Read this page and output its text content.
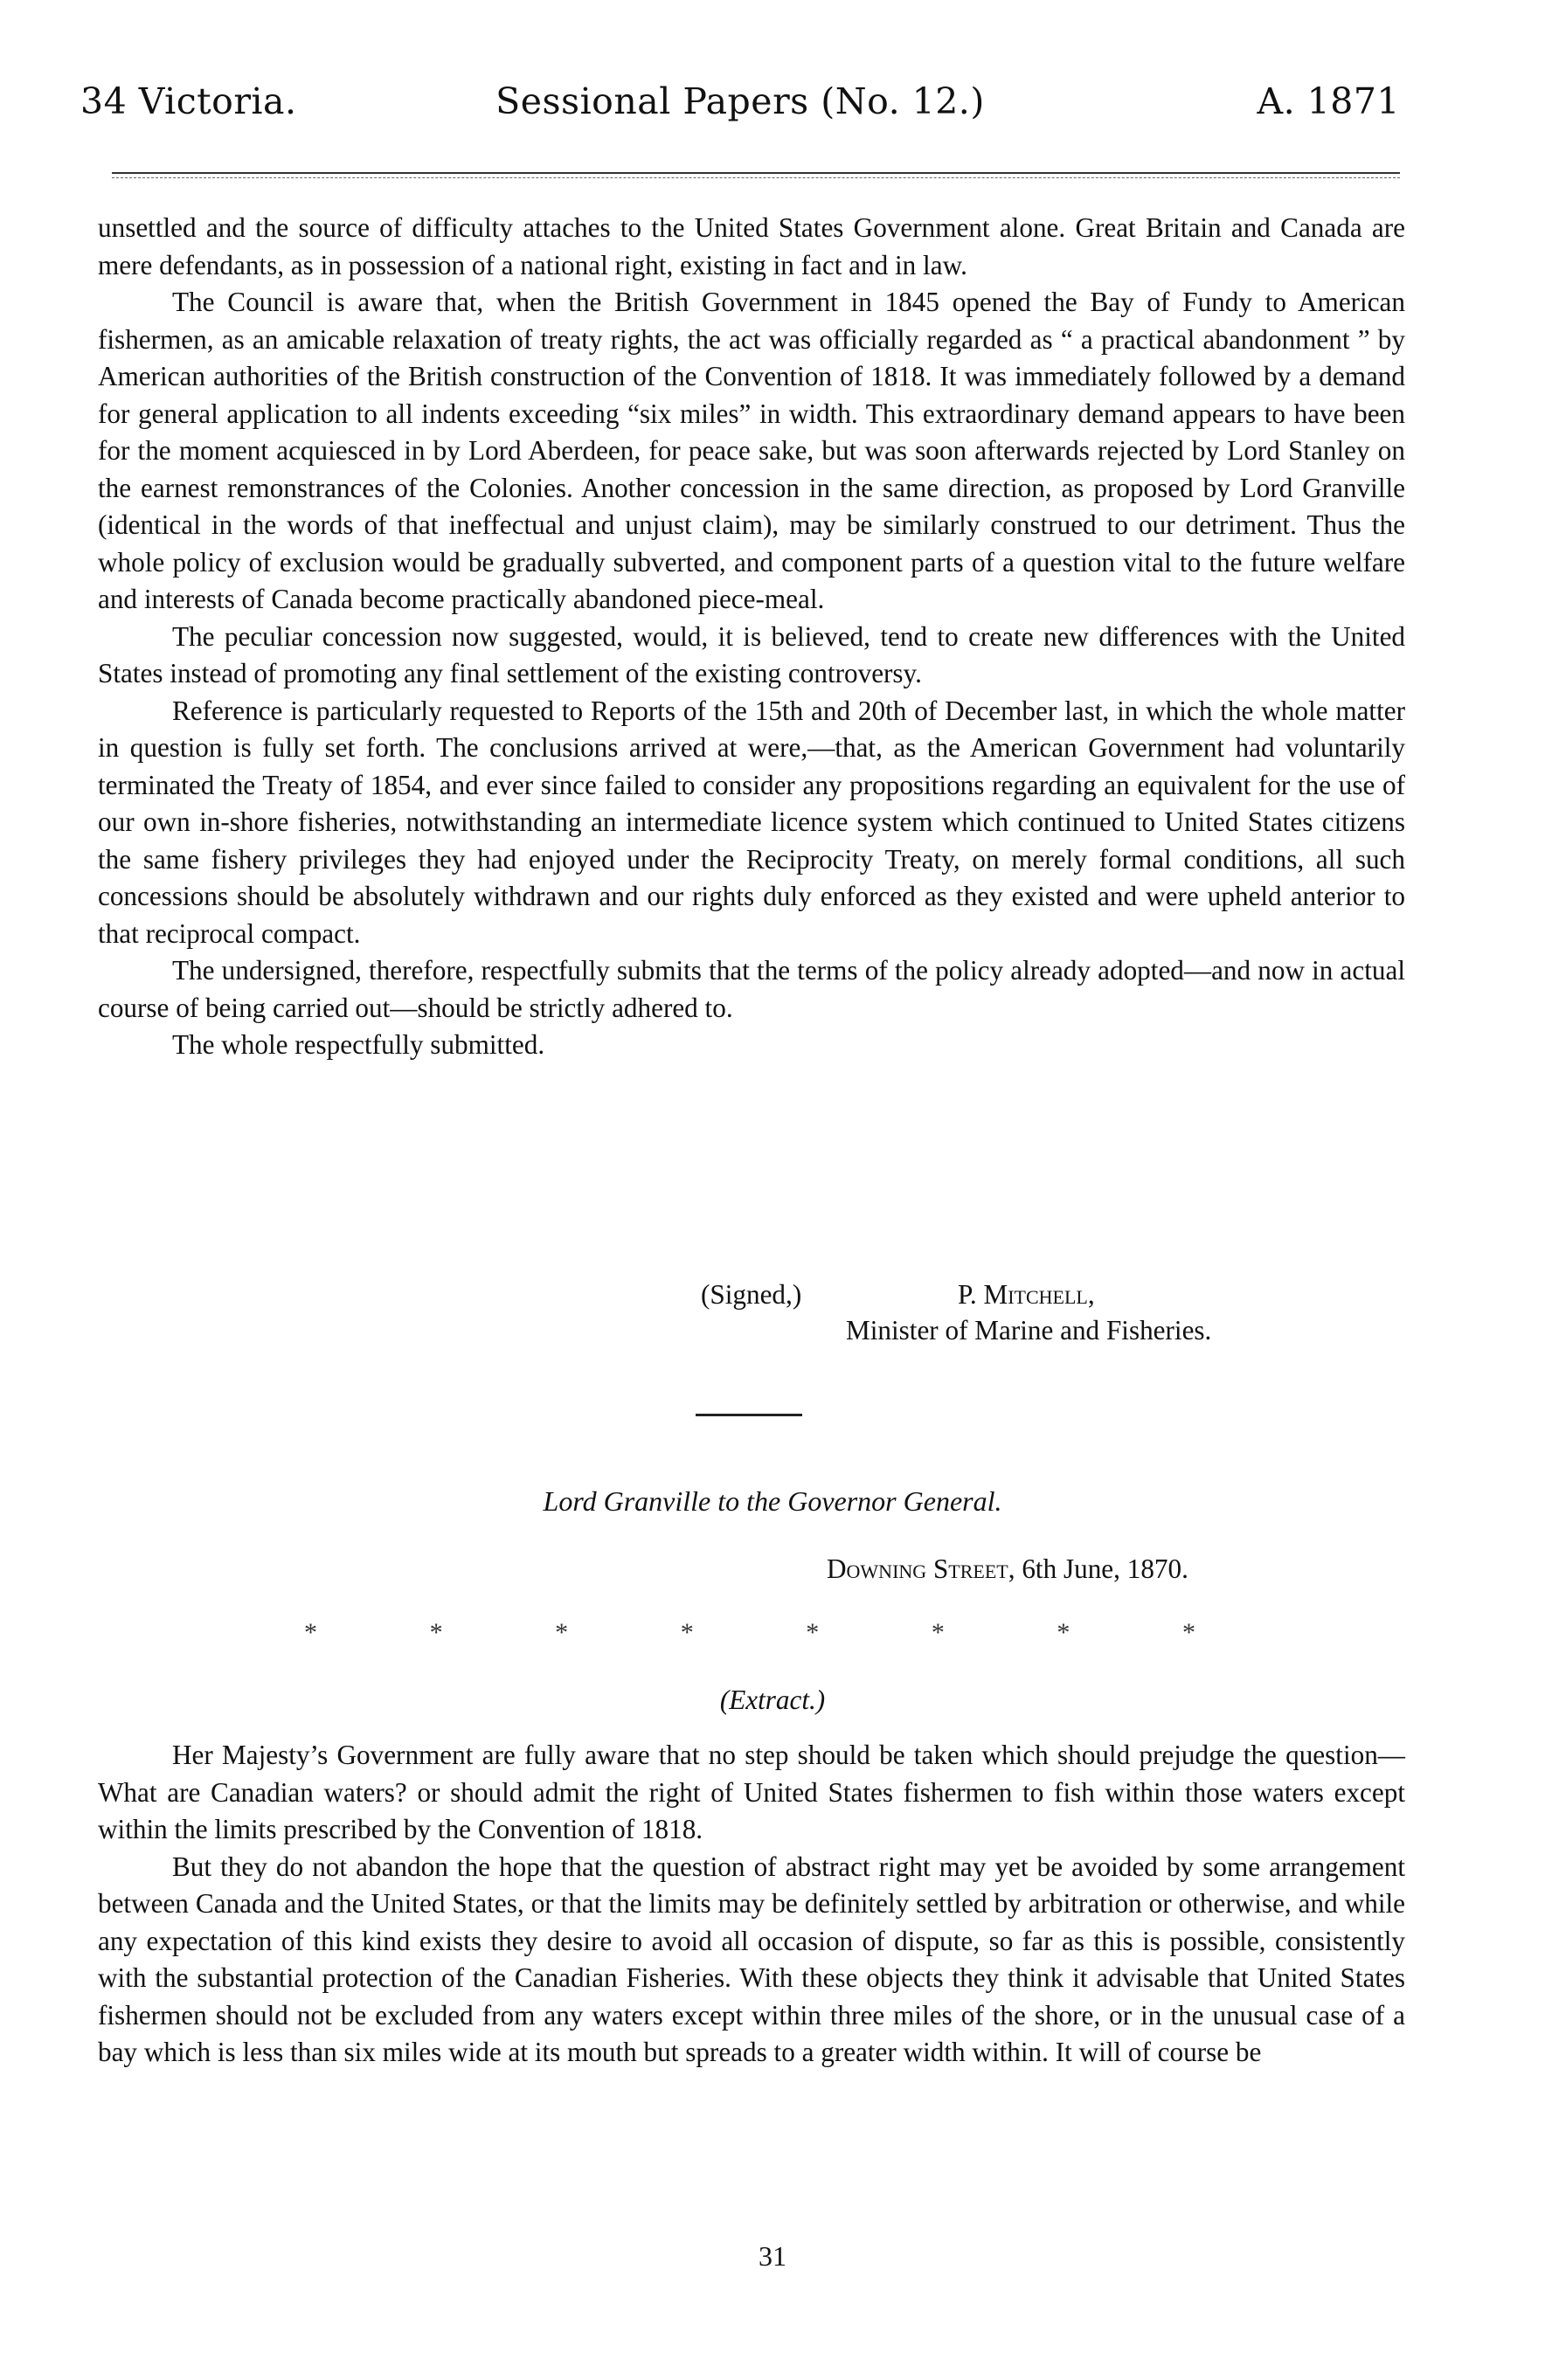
34 Victoria.	Sessional Papers (No. 12.)	A. 1871

unsettled and the source of difficulty attaches to the United States Government alone. Great Britain and Canada are mere defendants, as in possession of a national right, existing in fact and in law.

The Council is aware that, when the British Government in 1845 opened the Bay of Fundy to American fishermen, as an amicable relaxation of treaty rights, the act was officially regarded as “ a practical abandonment ” by American authorities of the British construction of the Convention of 1818. It was immediately followed by a demand for general application to all indents exceeding “six miles” in width. This extraordinary demand appears to have been for the moment acquiesced in by Lord Aberdeen, for peace sake, but was soon afterwards rejected by Lord Stanley on the earnest remonstrances of the Colonies. Another concession in the same direction, as proposed by Lord Granville (identical in the words of that ineffectual and unjust claim), may be similarly construed to our detriment. Thus the whole policy of exclusion would be gradually subverted, and component parts of a question vital to the future welfare and interests of Canada become practically abandoned piece-meal.

The peculiar concession now suggested, would, it is believed, tend to create new differences with the United States instead of promoting any final settlement of the existing controversy.

Reference is particularly requested to Reports of the 15th and 20th of December last, in which the whole matter in question is fully set forth. The conclusions arrived at were,—that, as the American Government had voluntarily terminated the Treaty of 1854, and ever since failed to consider any propositions regarding an equivalent for the use of our own in-shore fisheries, notwithstanding an intermediate licence system which continued to United States citizens the same fishery privileges they had enjoyed under the Reciprocity Treaty, on merely formal conditions, all such concessions should be absolutely withdrawn and our rights duly enforced as they existed and were upheld anterior to that reciprocal compact.

The undersigned, therefore, respectfully submits that the terms of the policy already adopted—and now in actual course of being carried out—should be strictly adhered to.

The whole respectfully submitted.

(Signed,)	P. Mitchell,
Minister of Marine and Fisheries.
Lord Granville to the Governor General.
Downing Street, 6th June, 1870.
*	*	*	*	*	*	*	*
(Extract.)

Her Majesty’s Government are fully aware that no step should be taken which should prejudge the question—What are Canadian waters? or should admit the right of United States fishermen to fish within those waters except within the limits prescribed by the Convention of 1818.

But they do not abandon the hope that the question of abstract right may yet be avoided by some arrangement between Canada and the United States, or that the limits may be definitely settled by arbitration or otherwise, and while any expectation of this kind exists they desire to avoid all occasion of dispute, so far as this is possible, consistently with the substantial protection of the Canadian Fisheries. With these objects they think it advisable that United States fishermen should not be excluded from any waters except within three miles of the shore, or in the unusual case of a bay which is less than six miles wide at its mouth but spreads to a greater width within. It will of course be

31
